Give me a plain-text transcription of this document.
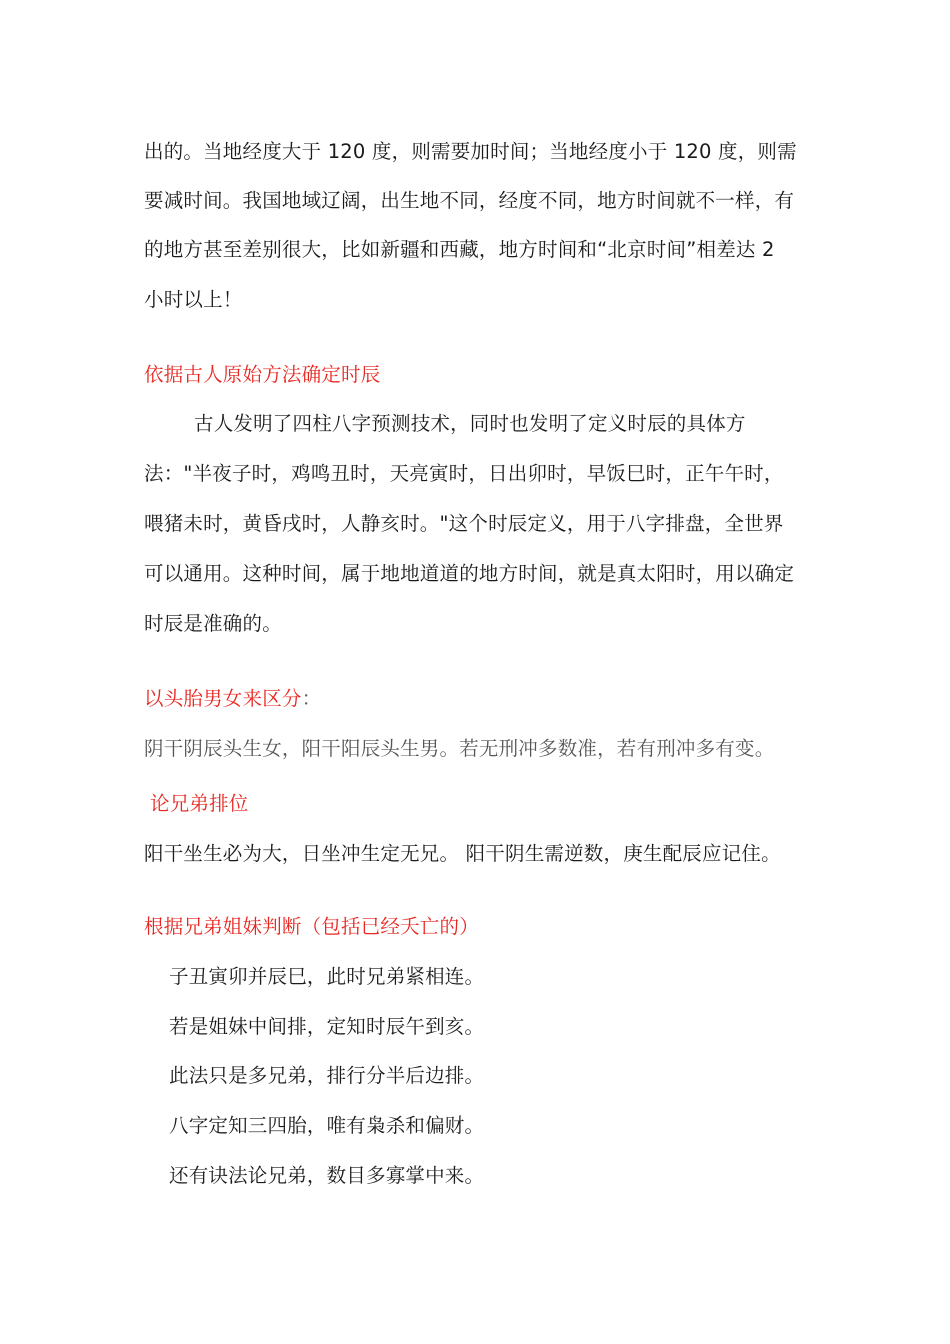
出的。当地经度大于 120 度，则需要加时间；当地经度小于 120 度，则需
要减时间。我国地域辽阔，出生地不同，经度不同，地方时间就不一样，有
的地方甚至差别很大，比如新疆和西藏，地方时间和“北京时间”相差达 2
小时以上！
依据古人原始方法确定时辰
古人发明了四柱八字预测技术，同时也发明了定义时辰的具体方
法："半夜子时，鸡鸣丑时，天亮寅时，日出卯时，早饭巳时，正午午时，
喂猪未时，黄昏戌时，人静亥时。"这个时辰定义，用于八字排盘，全世界
可以通用。这种时间，属于地地道道的地方时间，就是真太阳时，用以确定
时辰是准确的。
以头胎男女来区分：
阴干阴辰头生女，阳干阳辰头生男。若无刑冲多数准，若有刑冲多有变。
论兄弟排位
阳干坐生必为大，日坐冲生定无兄。 阳干阴生需逆数，庚生配辰应记住。
根据兄弟姐妹判断（包括已经夭亡的）
子丑寅卯并辰巳，此时兄弟紧相连。
若是姐妹中间排，定知时辰午到亥。
此法只是多兄弟，排行分半后边排。
八字定知三四胎，唯有枭杀和偏财。
还有诀法论兄弟，数目多寡掌中来。
